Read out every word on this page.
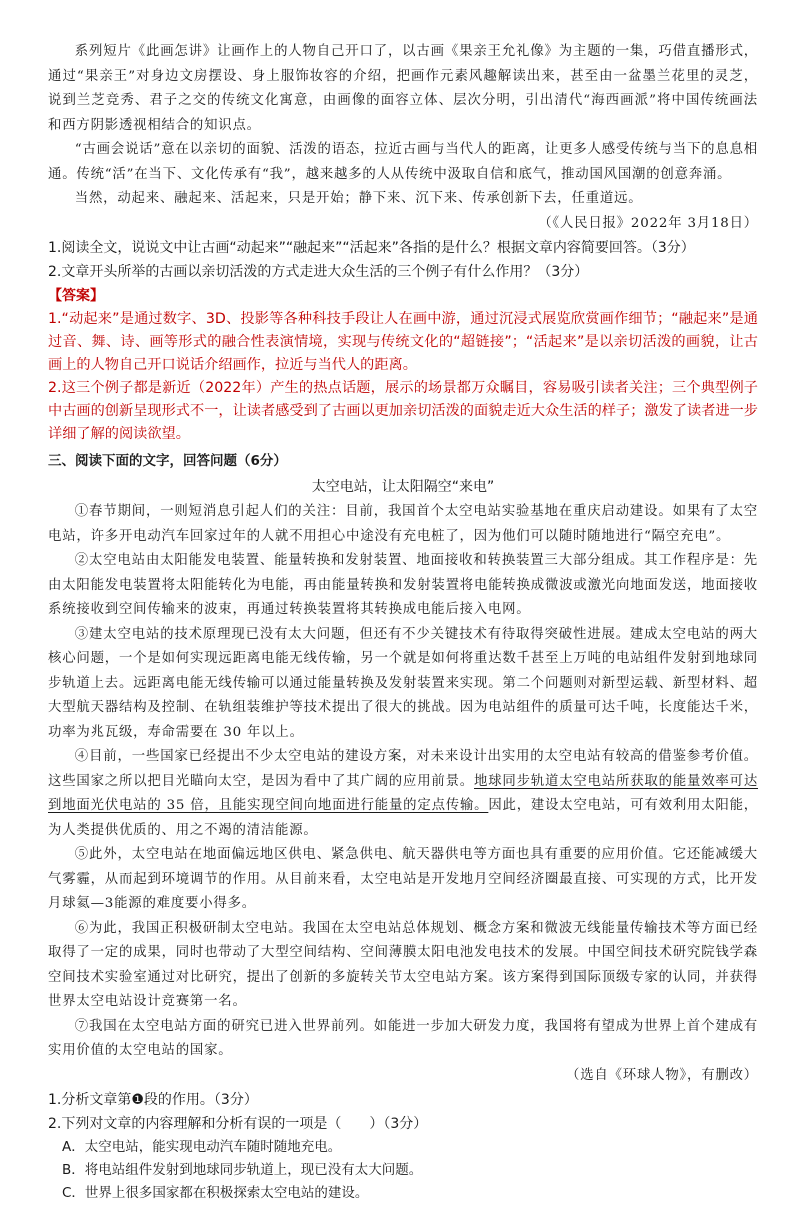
系列短片《此画怎讲》让画作上的人物自己开口了，以古画《果亲王允礼像》为主题的一集，巧借直播形式，通过“果亲王”对身边文房摆设、身上服饰妆容的介绍，把画作元素风趣解读出来，甚至由一盆墨兰花里的灵芝，说到兰芝竞秀、君子之交的传统文化寓意，由画像的面容立体、层次分明，引出清代“海西画派”将中国传统画法和西方阴影透视相结合的知识点。

“古画会说话”意在以亲切的面貌、活泼的语态，拉近古画与当代人的距离，让更多人感受传统与当下的息息相通。传统“活”在当下、文化传承有“我”，越来越多的人从传统中汲取自信和底气，推动国风国潮的创意奔涌。

当然，动起来、融起来、活起来，只是开始；静下来、沉下来、传承创新下去，任重道远。

（《人民日报》2022年 3月18日）

1.阅读全文，说说文中让古画“动起来”“融起来”“活起来”各指的是什么？根据文章内容简要回答。（3分）

2.文章开头所举的古画以亲切活泼的方式走进大众生活的三个例子有什么作用？（3分）

【答案】

1.“动起来”是通过数字、3D、投影等各种科技手段让人在画中游，通过沉浸式展览欣赏画作细节；“融起来”是通过音、舞、诗、画等形式的融合性表演情境，实现与传统文化的“超链接”；“活起来”是以亲切活泼的画貌，让古画上的人物自己开口说话介绍画作，拉近与当代人的距离。

2.这三个例子都是新近（2022年）产生的热点话题，展示的场景都万众瞩目，容易吸引读者关注；三个典型例子中古画的创新呈现形式不一，让读者感受到了古画以更加亲切活泼的面貌走近大众生活的样子；激发了读者进一步详细了解的阅读欲望。

三、阅读下面的文字，回答问题（6分）

太空电站，让太阳隔空“来电”

①春节期间，一则短消息引起人们的关注：目前，我国首个太空电站实验基地在重庆启动建设。如果有了太空电站，许多开电动汽车回家过年的人就不用担心中途没有充电桩了，因为他们可以随时随地进行“隔空充电”。

②太空电站由太阳能发电装置、能量转换和发射装置、地面接收和转换装置三大部分组成。其工作程序是：先由太阳能发电装置将太阳能转化为电能，再由能量转换和发射装置将电能转换成微波或激光向地面发送，地面接收系统接收到空间传输来的波束，再通过转换装置将其转换成电能后接入电网。

③建太空电站的技术原理现已没有太大问题，但还有不少关键技术有待取得突破性进展。建成太空电站的两大核心问题，一个是如何实现远距离电能无线传输，另一个就是如何将重达数千甚至上万吨的电站组件发射到地球同步轨道上去。远距离电能无线传输可以通过能量转换及发射装置来实现。第二个问题则对新型运载、新型材料、超大型航天器结构及控制、在轨组装维护等技术提出了很大的挑战。因为电站组件的质量可达千吨，长度能达千米，功率为兆瓦级，寿命需要在 30 年以上。

④目前，一些国家已经提出不少太空电站的建设方案，对未来设计出实用的太空电站有较高的借鉴参考价值。这些国家之所以把目光瞄向太空，是因为看中了其广阔的应用前景。地球同步轨道太空电站所获取的能量效率可达到地面光伏电站的 35 倍，且能实现空间向地面进行能量的定点传输。因此，建设太空电站，可有效利用太阳能，为人类提供优质的、用之不竭的清洁能源。

⑤此外，太空电站在地面偏远地区供电、紧急供电、航天器供电等方面也具有重要的应用价值。它还能减缓大气雾霾，从而起到环境调节的作用。从目前来看，太空电站是开发地月空间经济圈最直接、可实现的方式，比开发月球氦—3能源的难度要小得多。

⑥为此，我国正积极研制太空电站。我国在太空电站总体规划、概念方案和微波无线能量传输技术等方面已经取得了一定的成果，同时也带动了大型空间结构、空间薄膜太阳电池发电技术的发展。中国空间技术研究院钱学森空间技术实验室通过对比研究，提出了创新的多旋转关节太空电站方案。该方案得到国际顶级专家的认同，并获得世界太空电站设计竞赛第一名。

⑦我国在太空电站方面的研究已进入世界前列。如能进一步加大研发力度，我国将有望成为世界上首个建成有实用价值的太空电站的国家。

（选自《环球人物》，有删改）

1.分析文章第❶段的作用。（3分）

2.下列对文章的内容理解和分析有误的一项是（　　）（3分）

A．太空电站，能实现电动汽车随时随地充电。

B．将电站组件发射到地球同步轨道上，现已没有太大问题。

C．世界上很多国家都在积极探索太空电站的建设。
